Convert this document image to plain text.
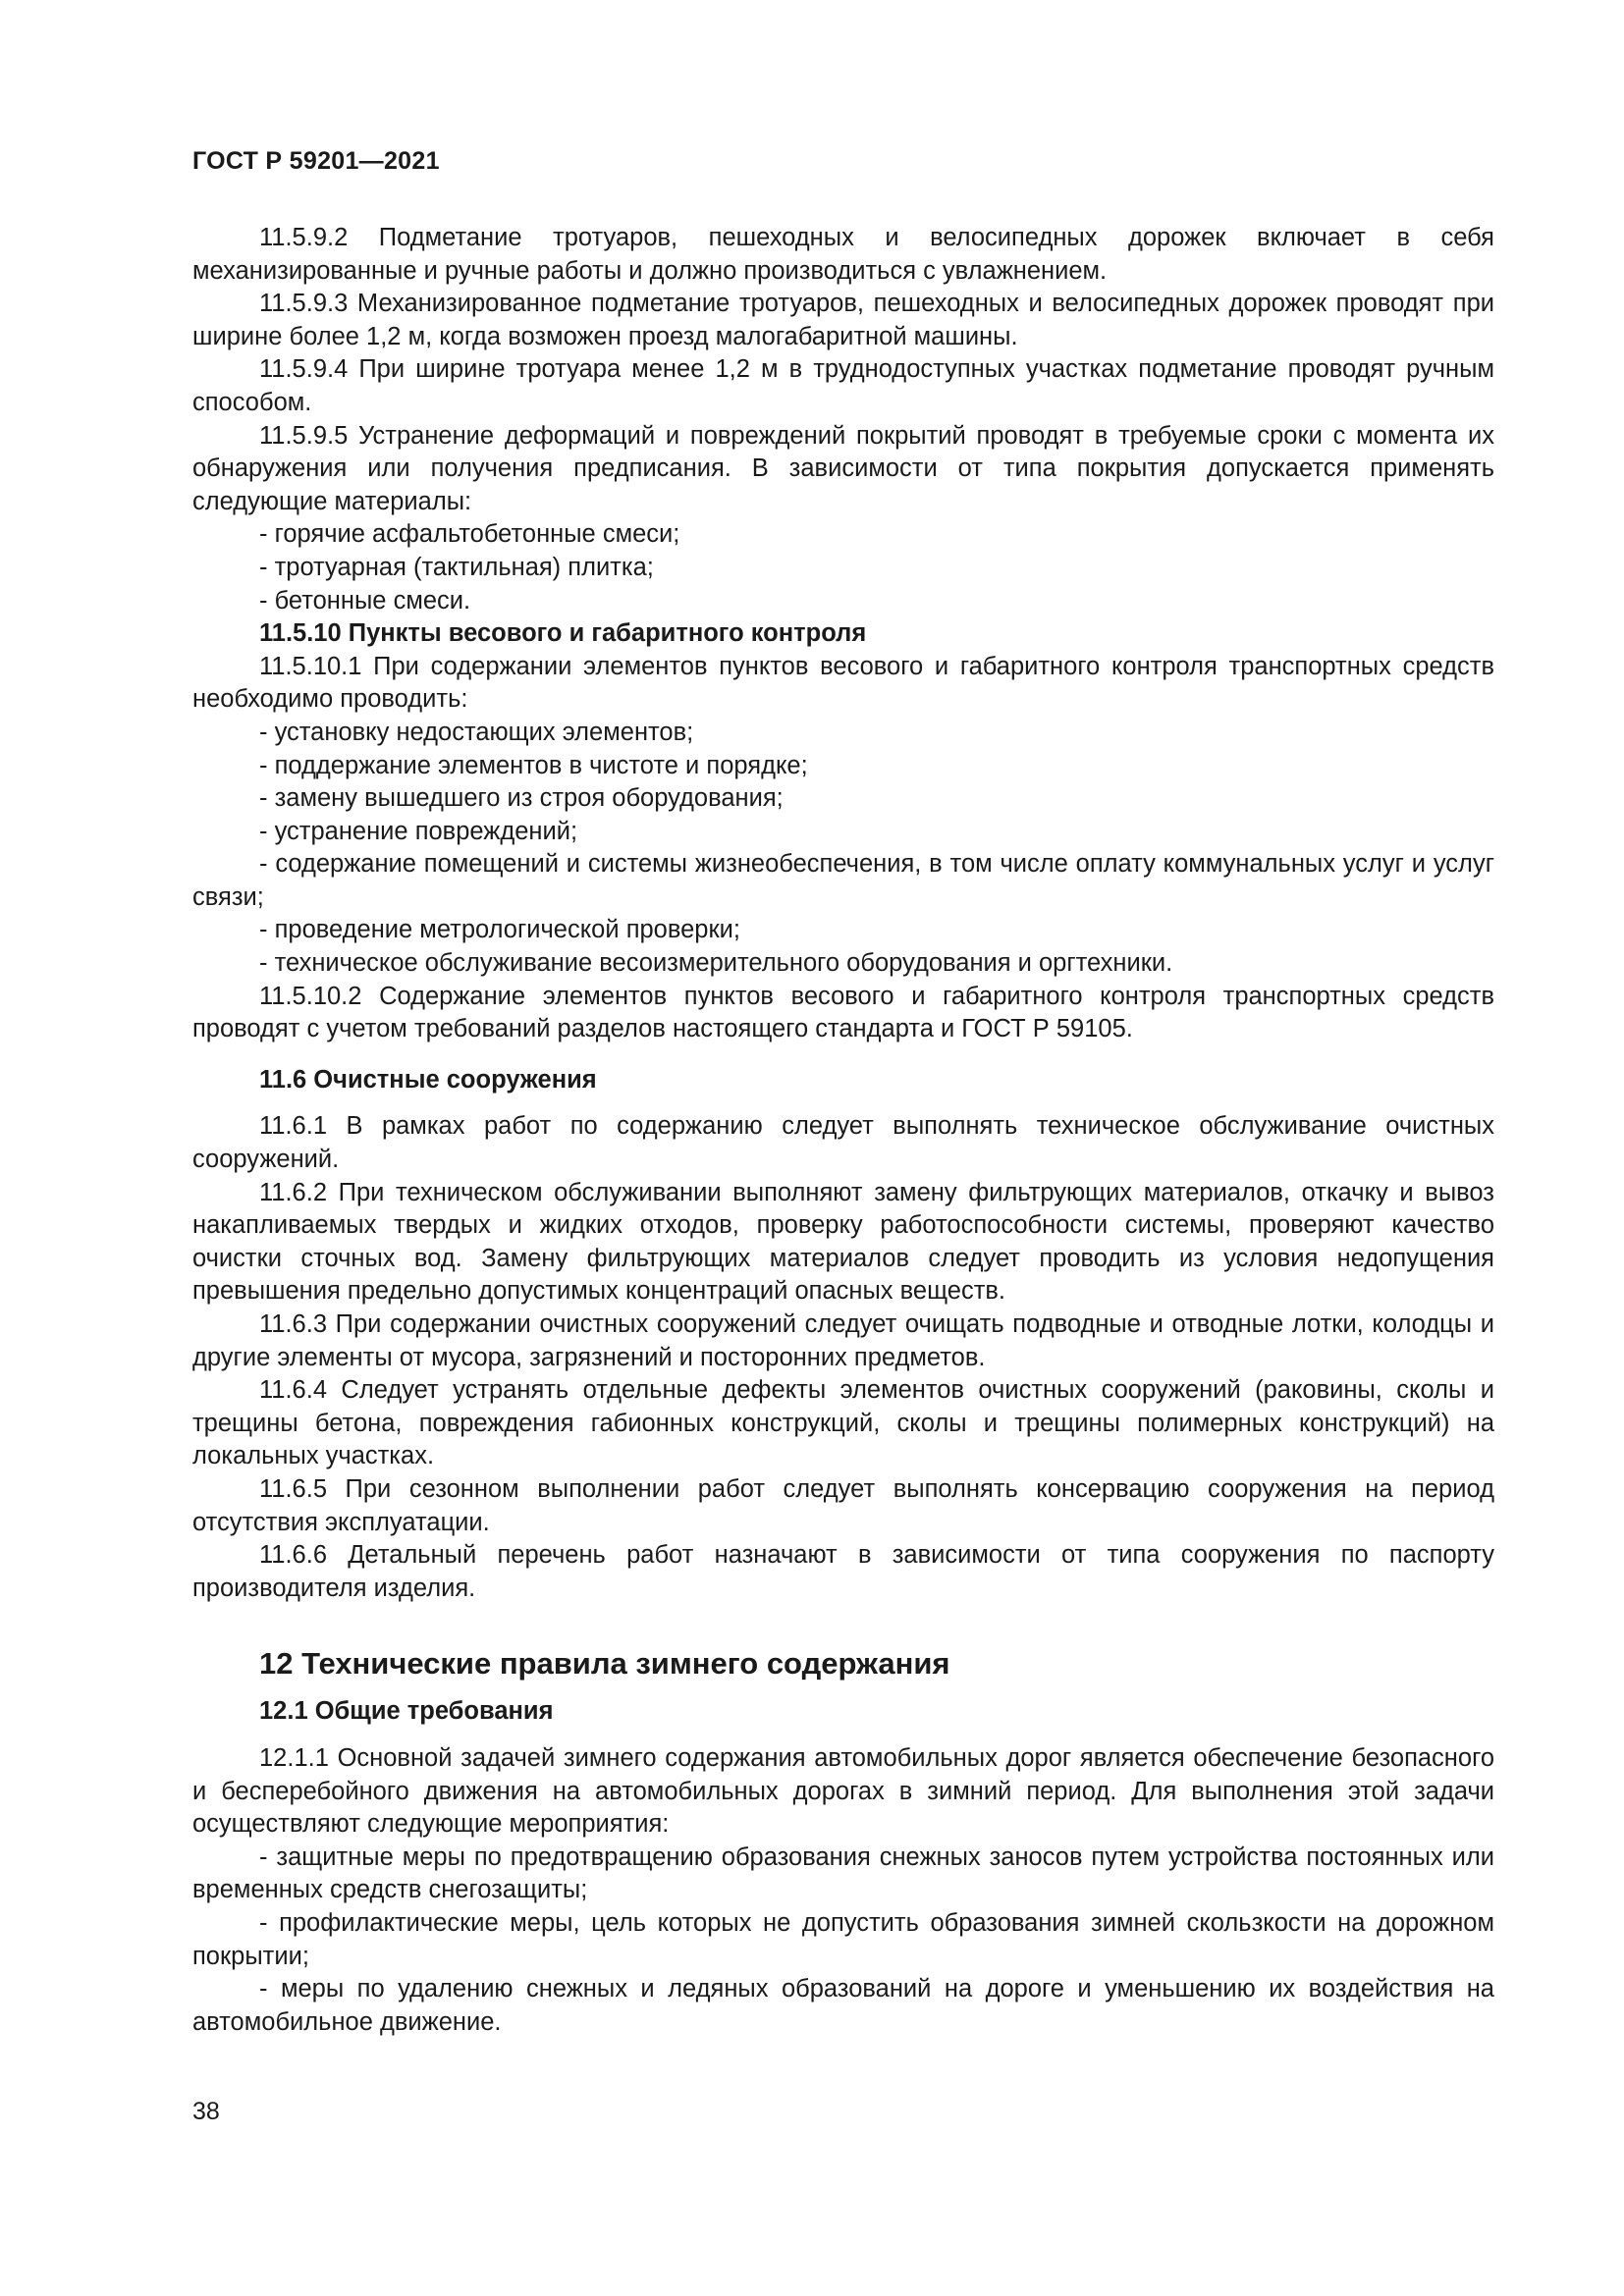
ГОСТ Р 59201—2021

11.5.9.2 Подметание тротуаров, пешеходных и велосипедных дорожек включает в себя механизированные и ручные работы и должно производиться с увлажнением.

11.5.9.3 Механизированное подметание тротуаров, пешеходных и велосипедных дорожек проводят при ширине более 1,2 м, когда возможен проезд малогабаритной машины.

11.5.9.4 При ширине тротуара менее 1,2 м в труднодоступных участках подметание проводят ручным способом.

11.5.9.5 Устранение деформаций и повреждений покрытий проводят в требуемые сроки с момента их обнаружения или получения предписания. В зависимости от типа покрытия допускается применять следующие материалы:

- горячие асфальтобетонные смеси;

- тротуарная (тактильная) плитка;

- бетонные смеси.

11.5.10 Пункты весового и габаритного контроля

11.5.10.1 При содержании элементов пунктов весового и габаритного контроля транспортных средств необходимо проводить:

- установку недостающих элементов;

- поддержание элементов в чистоте и порядке;

- замену вышедшего из строя оборудования;

- устранение повреждений;

- содержание помещений и системы жизнеобеспечения, в том числе оплату коммунальных услуг и услуг связи;

- проведение метрологической проверки;

- техническое обслуживание весоизмерительного оборудования и оргтехники.

11.5.10.2 Содержание элементов пунктов весового и габаритного контроля транспортных средств проводят с учетом требований разделов настоящего стандарта и ГОСТ Р 59105.

11.6 Очистные сооружения

11.6.1 В рамках работ по содержанию следует выполнять техническое обслуживание очистных сооружений.

11.6.2 При техническом обслуживании выполняют замену фильтрующих материалов, откачку и вывоз накапливаемых твердых и жидких отходов, проверку работоспособности системы, проверяют качество очистки сточных вод. Замену фильтрующих материалов следует проводить из условия недопущения превышения предельно допустимых концентраций опасных веществ.

11.6.3 При содержании очистных сооружений следует очищать подводные и отводные лотки, колодцы и другие элементы от мусора, загрязнений и посторонних предметов.

11.6.4 Следует устранять отдельные дефекты элементов очистных сооружений (раковины, сколы и трещины бетона, повреждения габионных конструкций, сколы и трещины полимерных конструкций) на локальных участках.

11.6.5 При сезонном выполнении работ следует выполнять консервацию сооружения на период отсутствия эксплуатации.

11.6.6 Детальный перечень работ назначают в зависимости от типа сооружения по паспорту производителя изделия.

12 Технические правила зимнего содержания

12.1 Общие требования

12.1.1 Основной задачей зимнего содержания автомобильных дорог является обеспечение безопасного и бесперебойного движения на автомобильных дорогах в зимний период. Для выполнения этой задачи осуществляют следующие мероприятия:

- защитные меры по предотвращению образования снежных заносов путем устройства постоянных или временных средств снегозащиты;

- профилактические меры, цель которых не допустить образования зимней скользкости на дорожном покрытии;

- меры по удалению снежных и ледяных образований на дороге и уменьшению их воздействия на автомобильное движение.

38
